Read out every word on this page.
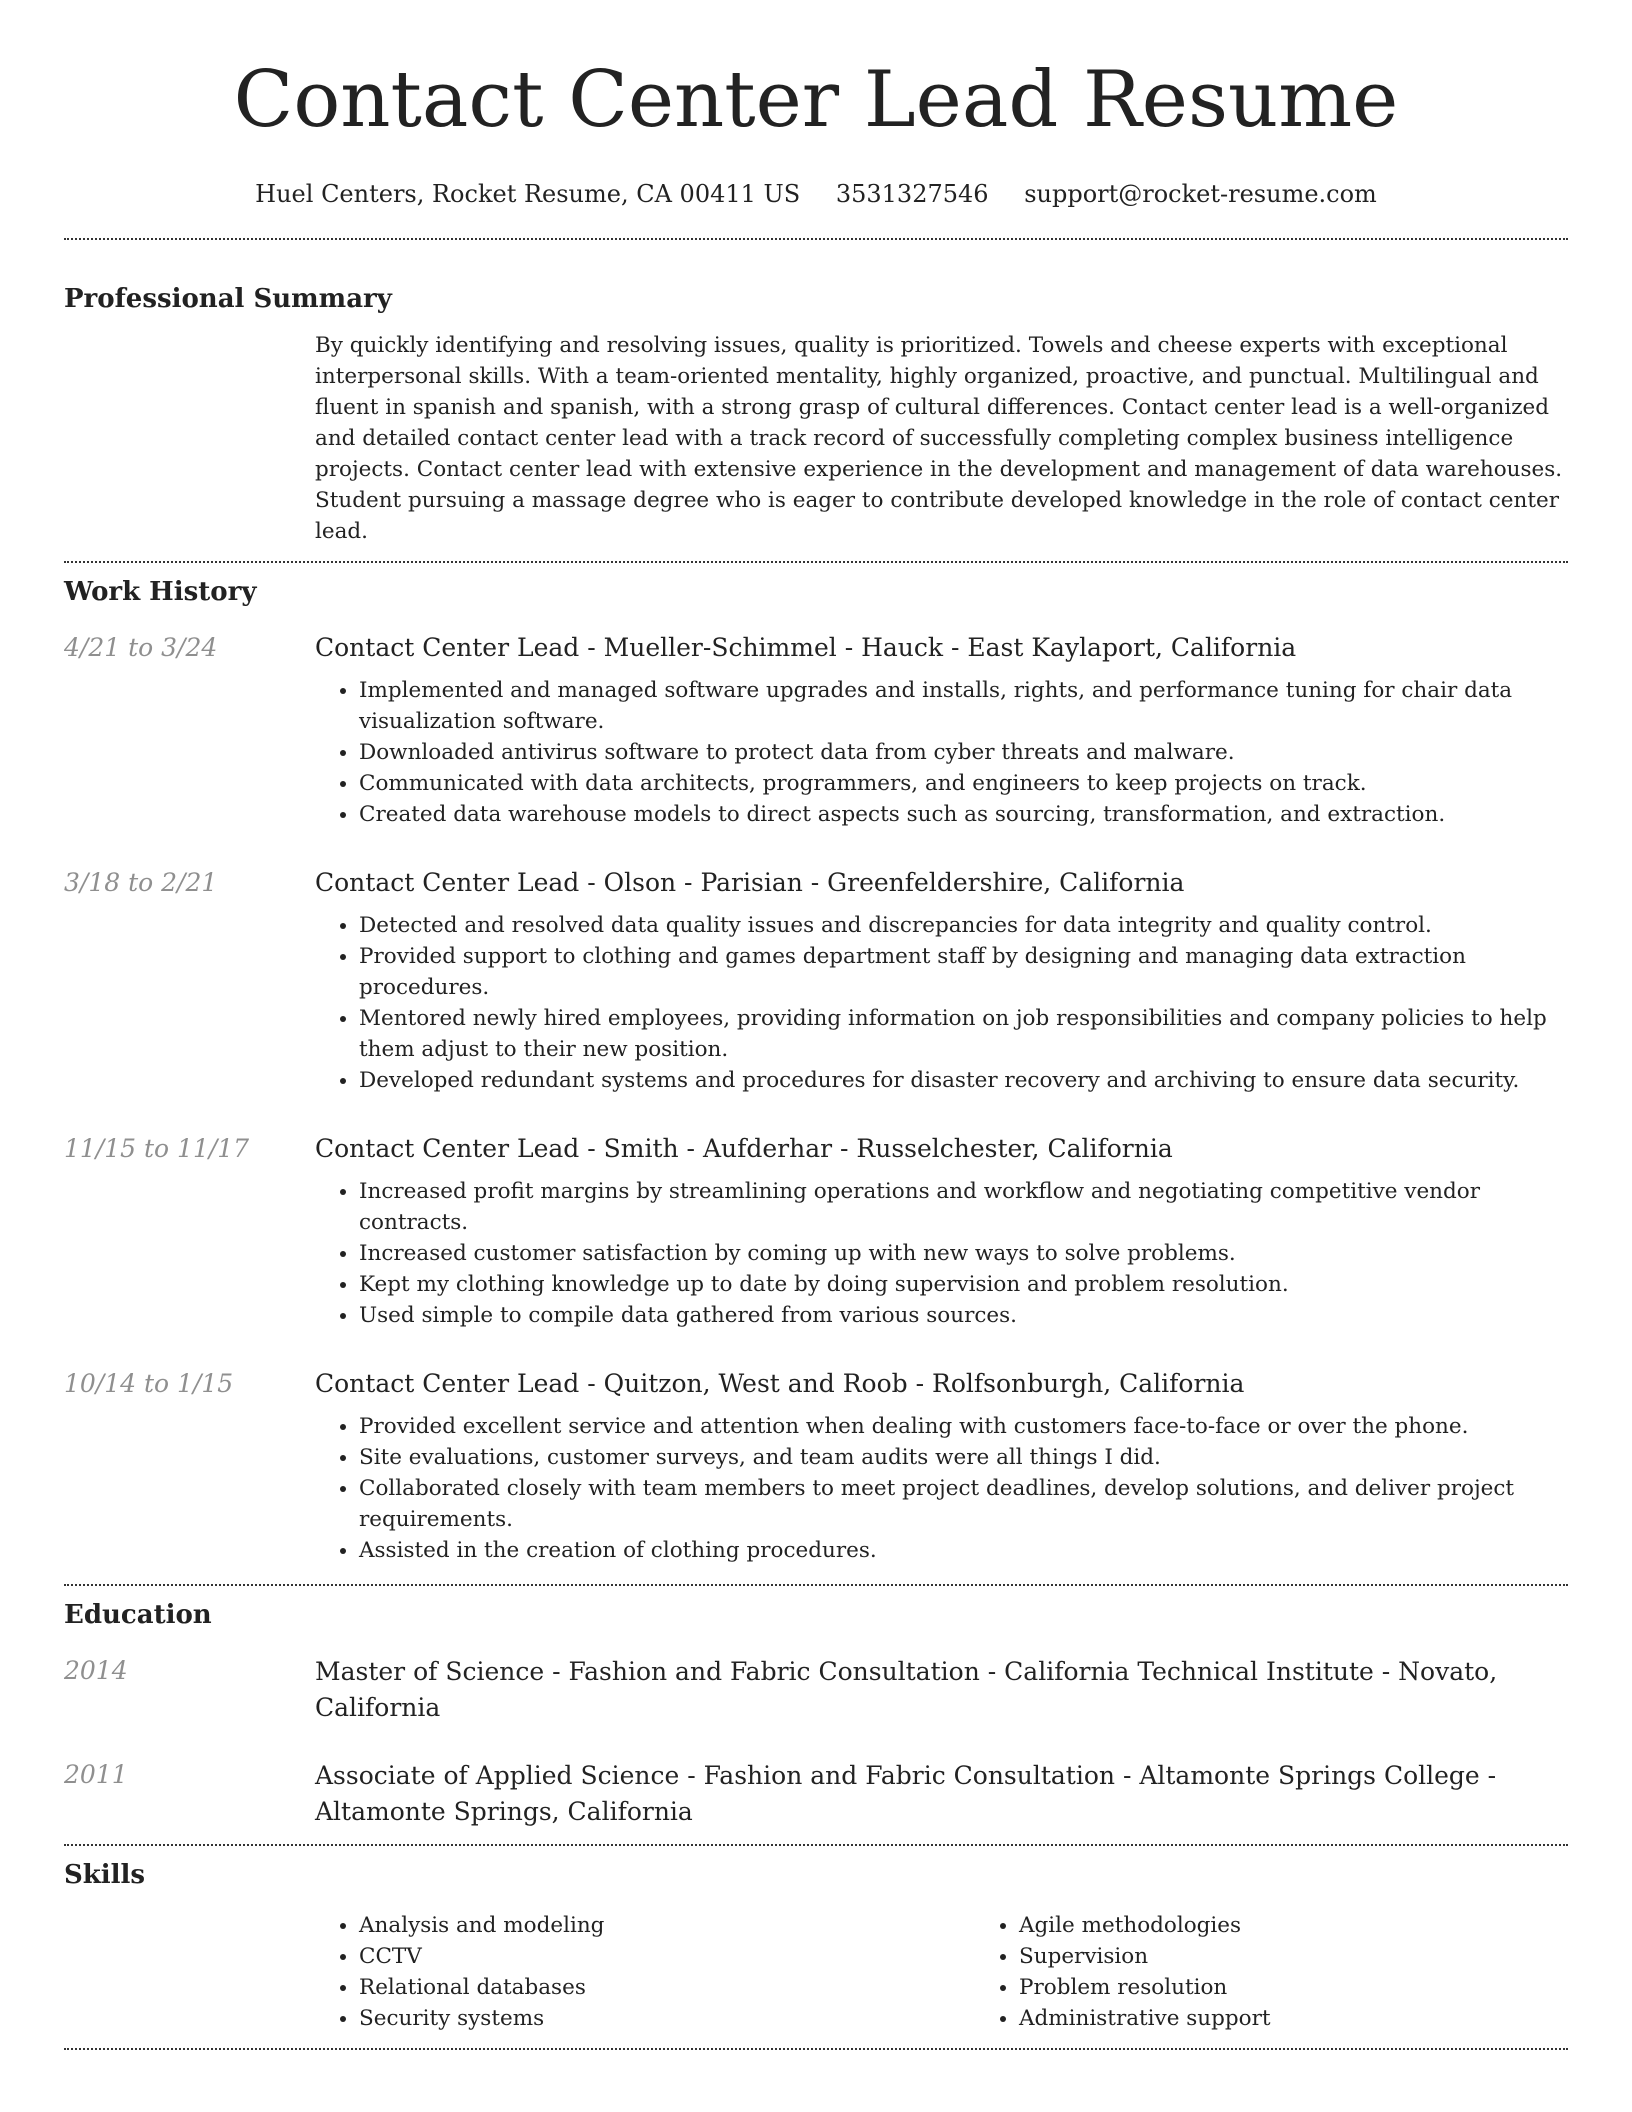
Contact Center Lead Resume
Huel Centers, Rocket Resume, CA 00411 US 3531327546 support@rocket-resume.com
Professional Summary
By quickly identifying and resolving issues, quality is prioritized. Towels and cheese experts with exceptional interpersonal skills. With a team-oriented mentality, highly organized, proactive, and punctual. Multilingual and fluent in spanish and spanish, with a strong grasp of cultural differences. Contact center lead is a well-organized and detailed contact center lead with a track record of successfully completing complex business intelligence projects. Contact center lead with extensive experience in the development and management of data warehouses. Student pursuing a massage degree who is eager to contribute developed knowledge in the role of contact center lead.
Work History
4/21 to 3/24	Contact Center Lead - Mueller-Schimmel - Hauck - East Kaylaport, California
• Implemented and managed software upgrades and installs, rights, and performance tuning for chair data visualization software.
• Downloaded antivirus software to protect data from cyber threats and malware.
• Communicated with data architects, programmers, and engineers to keep projects on track.
• Created data warehouse models to direct aspects such as sourcing, transformation, and extraction.
3/18 to 2/21	Contact Center Lead - Olson - Parisian - Greenfeldershire, California
• Detected and resolved data quality issues and discrepancies for data integrity and quality control.
• Provided support to clothing and games department staff by designing and managing data extraction procedures.
• Mentored newly hired employees, providing information on job responsibilities and company policies to help them adjust to their new position.
• Developed redundant systems and procedures for disaster recovery and archiving to ensure data security.
11/15 to 11/17	Contact Center Lead - Smith - Aufderhar - Russelchester, California
• Increased profit margins by streamlining operations and workflow and negotiating competitive vendor contracts.
• Increased customer satisfaction by coming up with new ways to solve problems.
• Kept my clothing knowledge up to date by doing supervision and problem resolution.
• Used simple to compile data gathered from various sources.
10/14 to 1/15	Contact Center Lead - Quitzon, West and Roob - Rolfsonburgh, California
• Provided excellent service and attention when dealing with customers face-to-face or over the phone.
• Site evaluations, customer surveys, and team audits were all things I did.
• Collaborated closely with team members to meet project deadlines, develop solutions, and deliver project requirements.
• Assisted in the creation of clothing procedures.
Education
2014	Master of Science - Fashion and Fabric Consultation - California Technical Institute - Novato, California
2011	Associate of Applied Science - Fashion and Fabric Consultation - Altamonte Springs College - Altamonte Springs, California
Skills
• Analysis and modeling
• CCTV
• Relational databases
• Security systems
• Agile methodologies
• Supervision
• Problem resolution
• Administrative support
